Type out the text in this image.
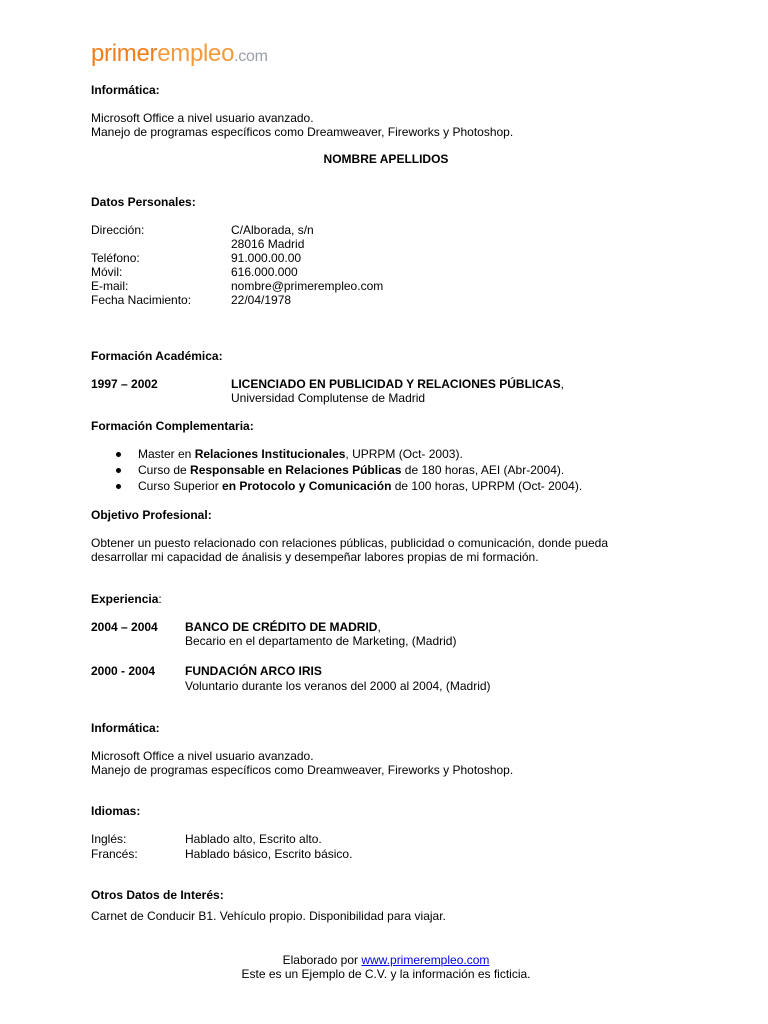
primerempleo.com
Informática:
Microsoft Office a nivel usuario avanzado.
Manejo de programas específicos como Dreamweaver, Fireworks y Photoshop.
NOMBRE APELLIDOS
Datos Personales:
Dirección:	C/Alborada, s/n
28016 Madrid
Teléfono:	91.000.00.00
Móvil:	616.000.000
E-mail:	nombre@primerempleo.com
Fecha Nacimiento:	22/04/1978
Formación Académica:
1997 – 2002	LICENCIADO EN PUBLICIDAD Y RELACIONES PÚBLICAS,
Universidad Complutense de Madrid
Formación Complementaria:
Master en Relaciones Institucionales, UPRPM (Oct- 2003).
Curso de Responsable en Relaciones Públicas de 180 horas, AEI (Abr-2004).
Curso Superior en Protocolo y Comunicación de 100 horas, UPRPM (Oct- 2004).
Objetivo Profesional:
Obtener un puesto relacionado con relaciones públicas, publicidad o comunicación, donde pueda
desarrollar mi capacidad de ánalisis y desempeñar labores propias de mi formación.
Experiencia:
2004 – 2004 BANCO DE CRÉDITO DE MADRID,
Becario en el departamento de Marketing, (Madrid)
2000 - 2004 FUNDACIÓN ARCO IRIS
Voluntario durante los veranos del 2000 al 2004, (Madrid)
Informática:
Microsoft Office a nivel usuario avanzado.
Manejo de programas específicos como Dreamweaver, Fireworks y Photoshop.
Idiomas:
Inglés:	Hablado alto, Escrito alto.
Francés:	Hablado básico, Escrito básico.
Otros Datos de Interés:
Carnet de Conducir B1. Vehículo propio. Disponibilidad para viajar.
Elaborado por www.primerempleo.com
Este es un Ejemplo de C.V. y la información es ficticia.
